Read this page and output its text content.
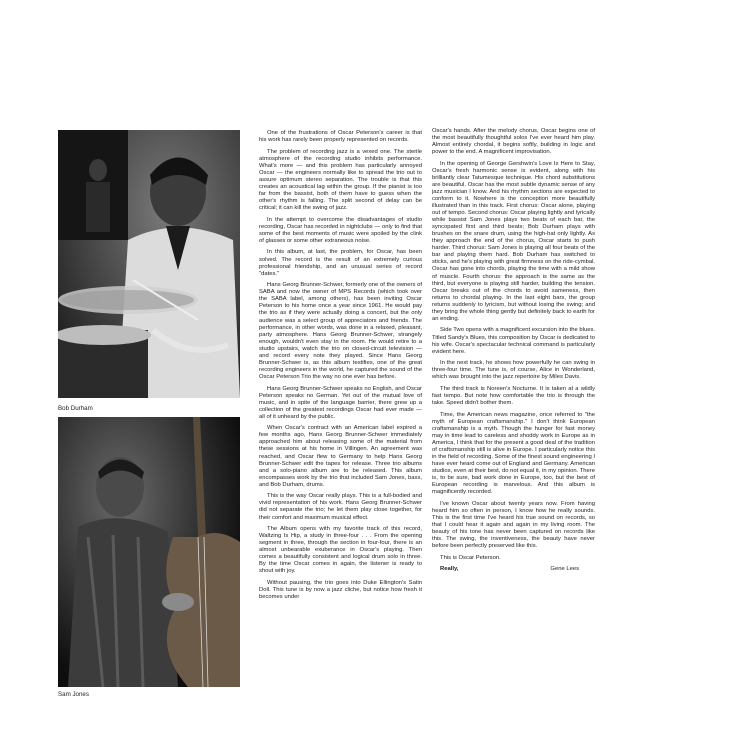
Bob Durham
Sam Jones

One of the frustrations of Oscar Peterson's career is that his work has rarely been properly represented on records.

The problem of recording jazz is a vexed one. The sterile atmosphere of the recording studio inhibits performance. What's more — and this problem has particularly annoyed Oscar — the engineers normally like to spread the trio out to assure optimum stereo separation. The trouble is that this creates an acoustical lag within the group. If the pianist is too far from the bassist, both of them have to guess when the other's rhythm is falling. The split second of delay can be critical; it can kill the swing of jazz.

In the attempt to overcome the disadvantages of studio recording, Oscar has recorded in nightclubs — only to find that some of the best moments of music were spoiled by the clink of glasses or some other extraneous noise.

In this album, at last, the problem, for Oscar, has been solved. The record is the result of an extremely curious professional friendship, and an unusual series of record "dates."

Hans Georg Brunner-Schwer, formerly one of the owners of SABA and now the owner of MPS Records (which took over the SABA label, among others), has been inviting Oscar Peterson to his home once a year since 1961. He would pay the trio as if they were actually doing a concert, but the only audience was a select group of appreciators and friends. The performance, in other words, was done in a relaxed, pleasant, party atmosphere. Hans Georg Brunner-Schwer, strangely enough, wouldn't even stay in the room. He would retire to a studio upstairs, watch the trio on closed-circuit television — and record every note they played. Since Hans Georg Brunner-Schwer is, as this album testifies, one of the great recording engineers in the world, he captured the sound of the Oscar Peterson Trio the way no one ever has before.

Hans Georg Brunner-Schwer speaks no English, and Oscar Peterson speaks no German. Yet out of the mutual love of music, and in spite of the language barrier, there grew up a collection of the greatest recordings Oscar had ever made — all of it unheard by the public.

When Oscar's contract with an American label expired a few months ago, Hans Georg Brunner-Schwer immediately approached him about releasing some of the material from these sessions at his home in Villingen. An agreement was reached, and Oscar flew to Germany to help Hans Georg Brunner-Schwer edit the tapes for release. Three trio albums and a solo-piano album are to be released. This album encompasses work by the trio that included Sam Jones, bass, and Bob Durham, drums.

This is the way Oscar really plays. This is a full-bodied and vivid representation of his work. Hans Georg Brunner-Schwer did not separate the trio; he let them play close together, for their comfort and maximum musical effect.

The Album opens with my favorite track of this record, Waltzing Is Hip, a study in three-four . . . From the opening segment in three, through the section in four-four, there is an almost unbearable exuberance in Oscar's playing. Then comes a beautifully consistent and logical drum solo in three. By the time Oscar comes in again, the listener is ready to shout with joy.

Without pausing, the trio goes into Duke Ellington's Satin Doll. This tune is by now a jazz cliche, but notice how fresh it becomes under

Oscar's hands. After the melody chorus, Oscar begins one of the most beautifully thoughtful solos I've ever heard him play. Almost entirely chordal, it begins softly, building in logic and power to the end. A magnificent improvisation.

In the opening of George Gershwin's Love Is Here to Stay, Oscar's fresh harmonic sense is evident, along with his brilliantly clear Tatumesque technique. His chord substitutions are beautiful. Oscar has the most subtle dynamic sense of any jazz musician I know. And his rhythm sections are expected to conform to it. Nowhere is the conception more beautifully illustrated than in this track. First chorus: Oscar alone, playing out of tempo. Second chorus: Oscar playing lightly and lyrically while bassist Sam Jones plays two beats of each bar, the syncopated first and third beats; Bob Durham plays with brushes on the snare drum, using the high-hat only lightly. As they approach the end of the chorus, Oscar starts to push harder. Third chorus: Sam Jones is playing all four beats of the bar and playing them hard. Bob Durham has switched to sticks, and he's playing with great firmness on the ride-cymbal. Oscar has gone into chords, playing the time with a mild show of muscle. Fourth chorus: the approach is the same as the third, but everyone is playing still harder, building the tension. Oscar breaks out of the chords to avoid sameness, then returns to chordal playing. In the last eight bars, the group returns suddenly to lyricism, but without losing the swing; and they bring the whole thing gently but definitely back to earth for an ending.

Side Two opens with a magnificent excursion into the blues. Titled Sandy's Blues, this composition by Oscar is dedicated to his wife. Oscar's spectacular technical command is particularly evident here.

In the next track, he shows how powerfully he can swing in three-four time. The tune is, of course, Alice in Wonderland, which was brought into the jazz repertoire by Miles Davis.

The third track is Noreen's Nocturne. It is taken at a wildly fast tempo. But note how comfortable the trio is through the take. Speed didn't bother them.

Time, the American news magazine, once referred to "the myth of European craftsmanship." I don't think European craftsmanship is a myth. Though the hunger for fast money may in time lead to careless and shoddy work in Europe as in America, I think that for the present a good deal of the tradition of craftsmanship still is alive in Europe. I particularly notice this in the field of recording. Some of the finest sound engineering I have ever heard come out of England and Germany. American studios, even at their best, do not equal it, in my opinion. There is, to be sure, bad work done in Europe, too, but the best of European recording is marvelous. And this album is magnificently recorded.

I've known Oscar about twenty years now. From having heard him so often in person, I know how he really sounds. This is the first time I've heard his true sound on records, so that I could hear it again and again in my living room. The beauty of his tone has never been captured on records like this. The swing, the inventiveness, the beauty have never before been perfectly preserved like this.

This is Oscar Peterson.

Really,	Gene Lees
